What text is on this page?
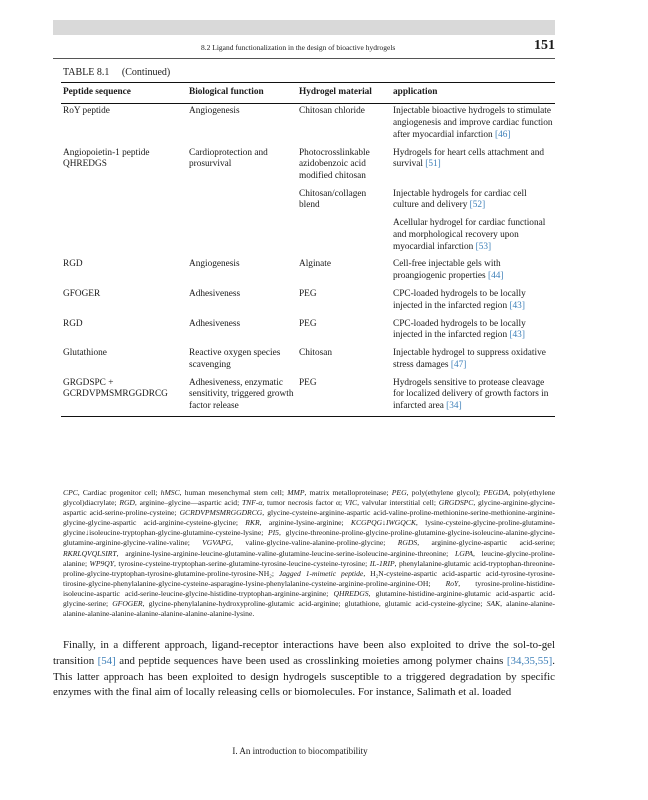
8.2 Ligand functionalization in the design of bioactive hydrogels	151
TABLE 8.1 (Continued)
Peptide sequence	Biological function	Hydrogel material	application
RoY peptide	Angiogenesis	Chitosan chloride	Injectable bioactive hydrogels to stimulate angiogenesis and improve cardiac function after myocardial infarction [46]
Angiopoietin-1 peptide QHREDGS	Cardioprotection and prosurvival	Photocrosslinkable azidobenzoic acid modified chitosan	Hydrogels for heart cells attachment and survival [51]
		Chitosan/collagen blend	Injectable hydrogels for cardiac cell culture and delivery [52]
			Acellular hydrogel for cardiac functional and morphological recovery upon myocardial infarction [53]
RGD	Angiogenesis	Alginate	Cell-free injectable gels with proangiogenic properties [44]
GFOGER	Adhesiveness	PEG	CPC-loaded hydrogels to be locally injected in the infarcted region [43]
RGD	Adhesiveness	PEG	CPC-loaded hydrogels to be locally injected in the infarcted region [43]
Glutathione	Reactive oxygen species scavenging	Chitosan	Injectable hydrogel to suppress oxidative stress damages [47]
GRGDSPC + GCRDVPMSMRGGDRCG	Adhesiveness, enzymatic sensitivity, triggered growth factor release	PEG	Hydrogels sensitive to protease cleavage for localized delivery of growth factors in infarcted area [34]
CPC, Cardiac progenitor cell; hMSC, human mesenchymal stem cell; MMP, matrix metalloproteinase; PEG, poly(ethylene glycol); PEGDA, poly(ethylene glycol)diacrylate; RGD, arginine–glycine—aspartic acid; TNF-α, tumor necrosis factor α; VIC, valvular interstitial cell; GRGDSPC, glycine-arginine-glycine-aspartic acid-serine-proline-cysteine; GCRDVPMSMRGGDRCG, glycine-cysteine-arginine-aspartic acid-valine-proline-methionine-serine-methionine-arginine-glycine-glycine-aspartic acid-arginine-cysteine-glycine; RKR, arginine-lysine-arginine; KCGPQG↓IWGQCK, lysine-cysteine-glycine-proline-glutamine-glycine↓isoleucine-tryptophan-glycine-glutamine-cysteine-lysine; PI5, glycine-threonine-proline-glycine-proline-glutamine-glycine-isoleucine-alanine-glycine-glutamine-arginine-glycine-valine-valine; VGVAPG, valine-glycine-valine-alanine-proline-glycine; RGDS, arginine-glycine-aspartic acid-serine; RKRLQVQLSIRT, arginine-lysine-arginine-leucine-glutamine-valine-glutamine-leucine-serine-isoleucine-arginine-threonine; LGPA, leucine-glycine-proline-alanine; WP9QY, tyrosine-cysteine-tryptophan-serine-glutamine-tyrosine-leucine-cysteine-tyrosine; IL-1RIP, phenylalanine-glutamic acid-tryptophan-threonine-proline-glycine-tryptophan-tyrosine-glutamine-proline-tyrosine-NH₂; Jagged 1-mimetic peptide, H₂N-cysteine-aspartic acid-aspartic acid-tyrosine-tyrosine-tirosine-glycine-phenylalanine-glycine-cysteine-asparagine-lysine-phenylalanine-cysteine-arginine-proline-arginine-OH; RoY, tyrosine-proline-histidine-isoleucine-aspartic acid-serine-leucine-glycine-histidine-tryptophan-arginine-arginine; QHREDGS, glutamine-histidine-arginine-glutamic acid-aspartic acid-glycine-serine; GFOGER, glycine-phenylalanine-hydroxyproline-glutamic acid-arginine; glutathione, glutamic acid-cysteine-glycine; SAK, alanine-alanine-alanine-alanine-alanine-alanine-alanine-alanine-alanine-lysine.
Finally, in a different approach, ligand-receptor interactions have been also exploited to drive the sol-to-gel transition [54] and peptide sequences have been used as crosslinking moieties among polymer chains [34,35,55]. This latter approach has been exploited to design hydrogels susceptible to a triggered degradation by specific enzymes with the final aim of locally releasing cells or biomolecules. For instance, Salimath et al. loaded
I. An introduction to biocompatibility
